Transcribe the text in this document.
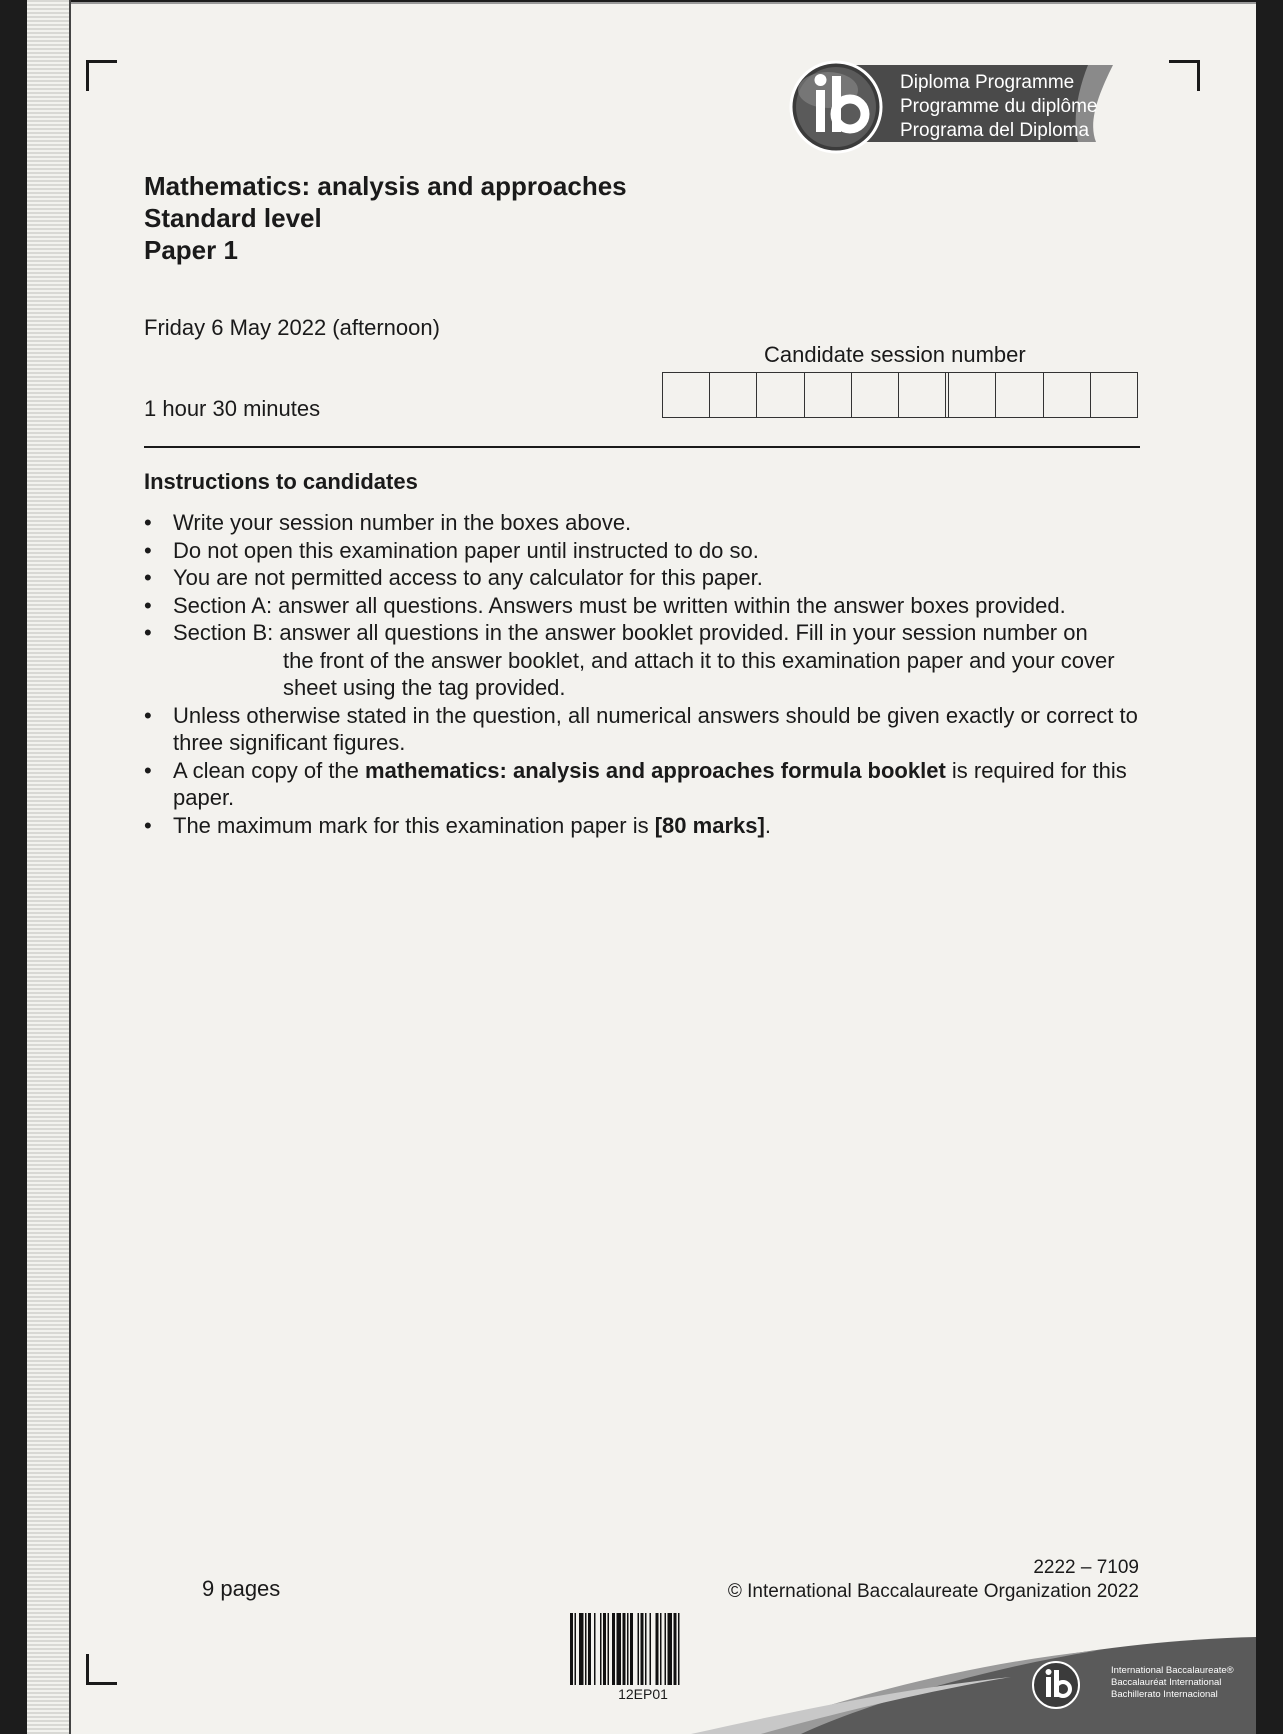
Diploma Programme
Programme du diplôme
Programa del Diploma
Mathematics: analysis and approaches
Standard level
Paper 1
Friday 6 May 2022 (afternoon)
1 hour 30 minutes
Candidate session number
Instructions to candidates
• Write your session number in the boxes above.
• Do not open this examination paper until instructed to do so.
• You are not permitted access to any calculator for this paper.
• Section A: answer all questions. Answers must be written within the answer boxes provided.
• Section B: answer all questions in the answer booklet provided. Fill in your session number on
the front of the answer booklet, and attach it to this examination paper and your cover sheet using the tag provided.
• Unless otherwise stated in the question, all numerical answers should be given exactly or correct to three significant figures.
• A clean copy of the mathematics: analysis and approaches formula booklet is required for this paper.
• The maximum mark for this examination paper is [80 marks].
9 pages
2222 – 7109
© International Baccalaureate Organization 2022
International Baccalaureate®
Baccalauréat International
Bachillerato Internacional
12EP01
